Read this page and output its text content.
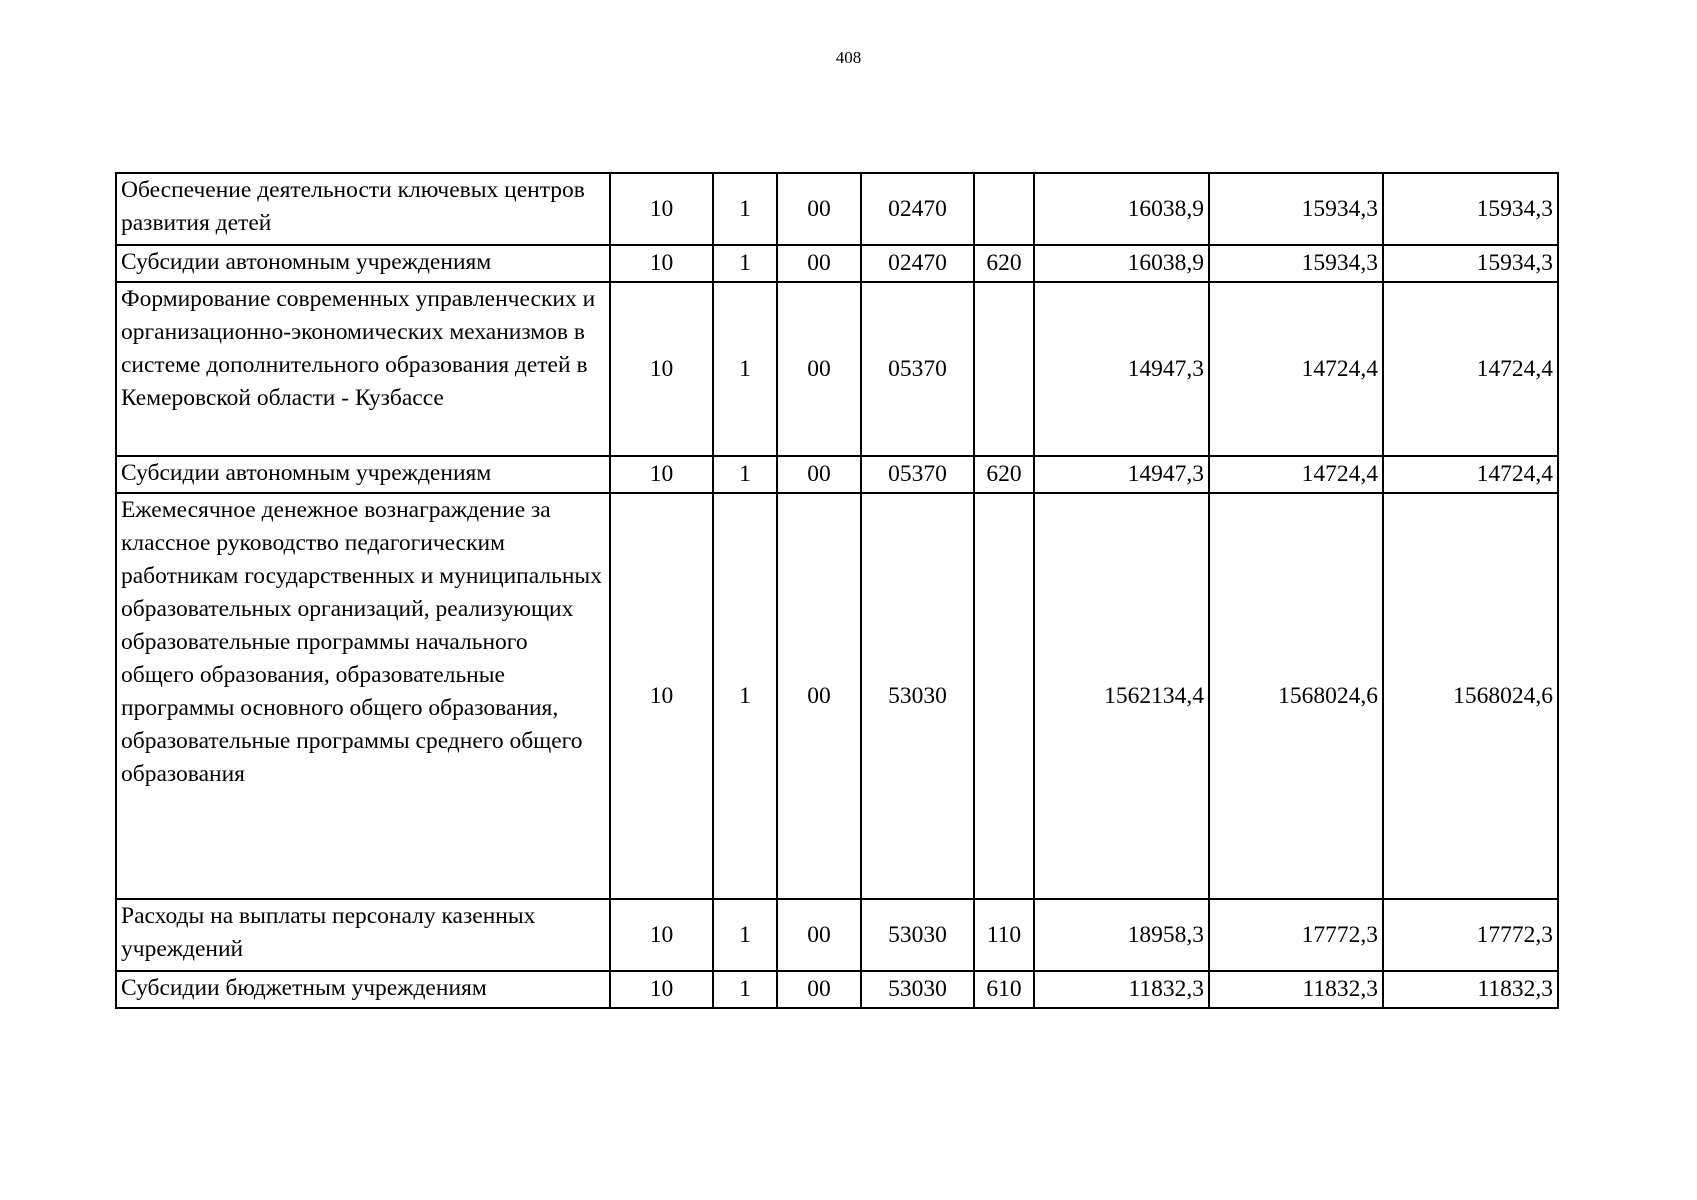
408
Обеспечение деятельности ключевых центров развития детей	10	1	00	02470		16038,9	15934,3	15934,3
Субсидии автономным учреждениям	10	1	00	02470	620	16038,9	15934,3	15934,3
Формирование современных управленческих и организационно-экономических механизмов в системе дополнительного образования детей в Кемеровской области - Кузбассе	10	1	00	05370		14947,3	14724,4	14724,4
Субсидии автономным учреждениям	10	1	00	05370	620	14947,3	14724,4	14724,4
Ежемесячное денежное вознаграждение за классное руководство педагогическим работникам государственных и муниципальных образовательных организаций, реализующих образовательные программы начального общего образования, образовательные программы основного общего образования, образовательные программы среднего общего образования	10	1	00	53030		1562134,4	1568024,6	1568024,6
Расходы на выплаты персоналу казенных учреждений	10	1	00	53030	110	18958,3	17772,3	17772,3
Субсидии бюджетным учреждениям	10	1	00	53030	610	11832,3	11832,3	11832,3
